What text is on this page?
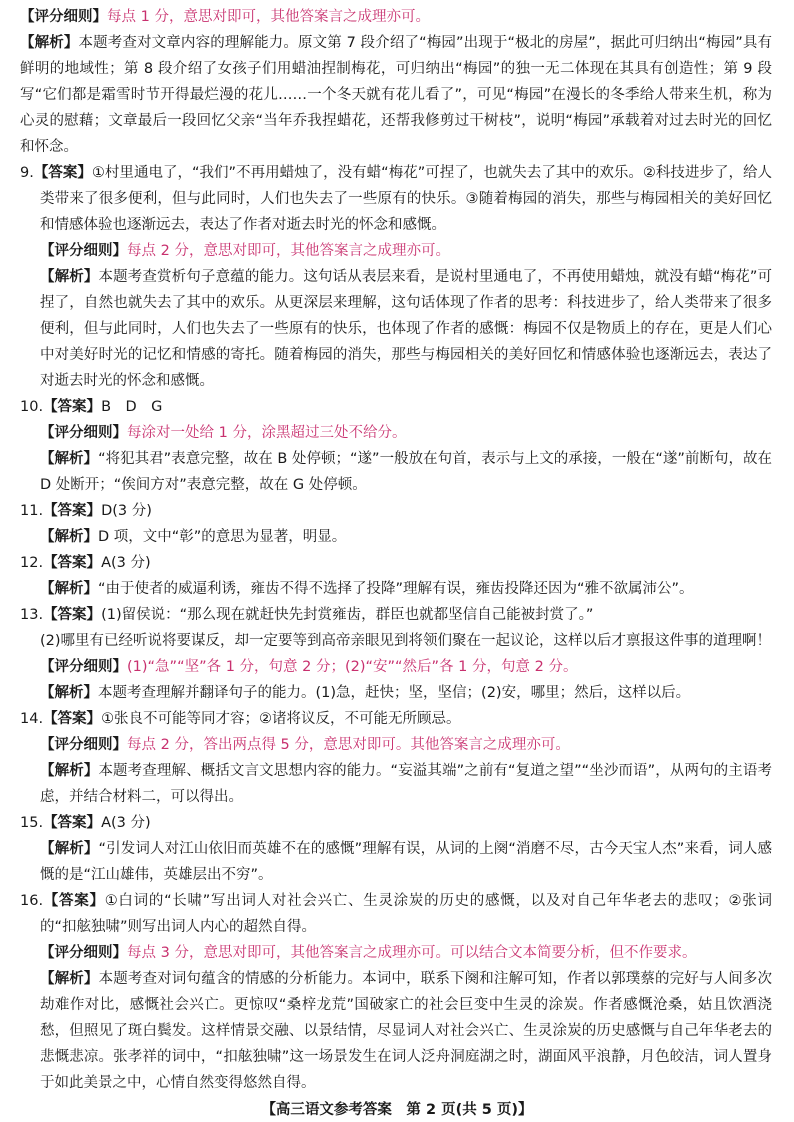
【评分细则】每点 1 分，意思对即可，其他答案言之成理亦可。

【解析】本题考查对文章内容的理解能力。原文第 7 段介绍了“梅园”出现于“极北的房屋”，据此可归纳出“梅园”具有鲜明的地域性；第 8 段介绍了女孩子们用蜡油捏制梅花，可归纳出“梅园”的独一无二体现在其具有创造性；第 9 段写“它们都是霜雪时节开得最烂漫的花儿……一个冬天就有花儿看了”，可见“梅园”在漫长的冬季给人带来生机，称为心灵的慰藉；文章最后一段回忆父亲“当年乔我捏蜡花，还帮我修剪过干树枝”，说明“梅园”承载着对过去时光的回忆和怀念。

9.【答案】①村里通电了，“我们”不再用蜡烛了，没有蜡“梅花”可捏了，也就失去了其中的欢乐。②科技进步了，给人类带来了很多便利，但与此同时，人们也失去了一些原有的快乐。③随着梅园的消失，那些与梅园相关的美好回忆和情感体验也逐渐远去，表达了作者对逝去时光的怀念和感慨。

【评分细则】每点 2 分，意思对即可，其他答案言之成理亦可。

【解析】本题考查赏析句子意蕴的能力。这句话从表层来看，是说村里通电了，不再使用蜡烛，就没有蜡“梅花”可捏了，自然也就失去了其中的欢乐。从更深层来理解，这句话体现了作者的思考：科技进步了，给人类带来了很多便利，但与此同时，人们也失去了一些原有的快乐，也体现了作者的感慨：梅园不仅是物质上的存在，更是人们心中对美好时光的记忆和情感的寄托。随着梅园的消失，那些与梅园相关的美好回忆和情感体验也逐渐远去，表达了对逝去时光的怀念和感慨。

10.【答案】B　D　G

【评分细则】每涂对一处给 1 分，涂黑超过三处不给分。

【解析】“将犯其君”表意完整，故在 B 处停顿；“遂”一般放在句首，表示与上文的承接，一般在“遂”前断句，故在 D 处断开；“俟间方对”表意完整，故在 G 处停顿。

11.【答案】D(3 分)

【解析】D 项，文中“彰”的意思为显著，明显。

12.【答案】A(3 分)

【解析】“由于使者的威逼利诱，雍齿不得不选择了投降”理解有误，雍齿投降还因为“雅不欲属沛公”。

13.【答案】(1)留侯说：“那么现在就赶快先封赏雍齿，群臣也就都坚信自己能被封赏了。”

(2)哪里有已经听说将要谋反，却一定要等到高帝亲眼见到将领们聚在一起议论，这样以后才禀报这件事的道理啊！

【评分细则】(1)“急”“坚”各 1 分，句意 2 分；(2)“安”“然后”各 1 分，句意 2 分。

【解析】本题考查理解并翻译句子的能力。(1)急，赶快；坚，坚信；(2)安，哪里；然后，这样以后。

14.【答案】①张良不可能等同才容；②诸将议反，不可能无所顾忌。

【评分细则】每点 2 分，答出两点得 5 分，意思对即可。其他答案言之成理亦可。

【解析】本题考查理解、概括文言文思想内容的能力。“妄溢其端”之前有“复道之望”“坐沙而语”，从两句的主语考虑，并结合材料二，可以得出。

15.【答案】A(3 分)

【解析】“引发词人对江山依旧而英雄不在的感慨”理解有误，从词的上阕“消磨不尽，古今天宝人杰”来看，词人感慨的是“江山雄伟，英雄层出不穷”。

16.【答案】①白词的“长啸”写出词人对社会兴亡、生灵涂炭的历史的感慨，以及对自己年华老去的悲叹；②张词的“扣舷独啸”则写出词人内心的超然自得。

【评分细则】每点 3 分，意思对即可，其他答案言之成理亦可。可以结合文本简要分析，但不作要求。

【解析】本题考查对词句蕴含的情感的分析能力。本词中，联系下阕和注解可知，作者以郭璞蔡的完好与人间多次劫难作对比，感慨社会兴亡。更惊叹“桑梓龙荒”国破家亡的社会巨变中生灵的涂炭。作者感慨沧桑，姑且饮酒浇愁，但照见了斑白鬓发。这样情景交融、以景结情，尽显词人对社会兴亡、生灵涂炭的历史感慨与自己年华老去的悲慨悲凉。张孝祥的词中，“扣舷独啸”这一场景发生在词人泛舟洞庭湖之时，湖面风平浪静，月色皎洁，词人置身于如此美景之中，心情自然变得悠然自得。

【高三语文参考答案　第 2 页(共 5 页)】
